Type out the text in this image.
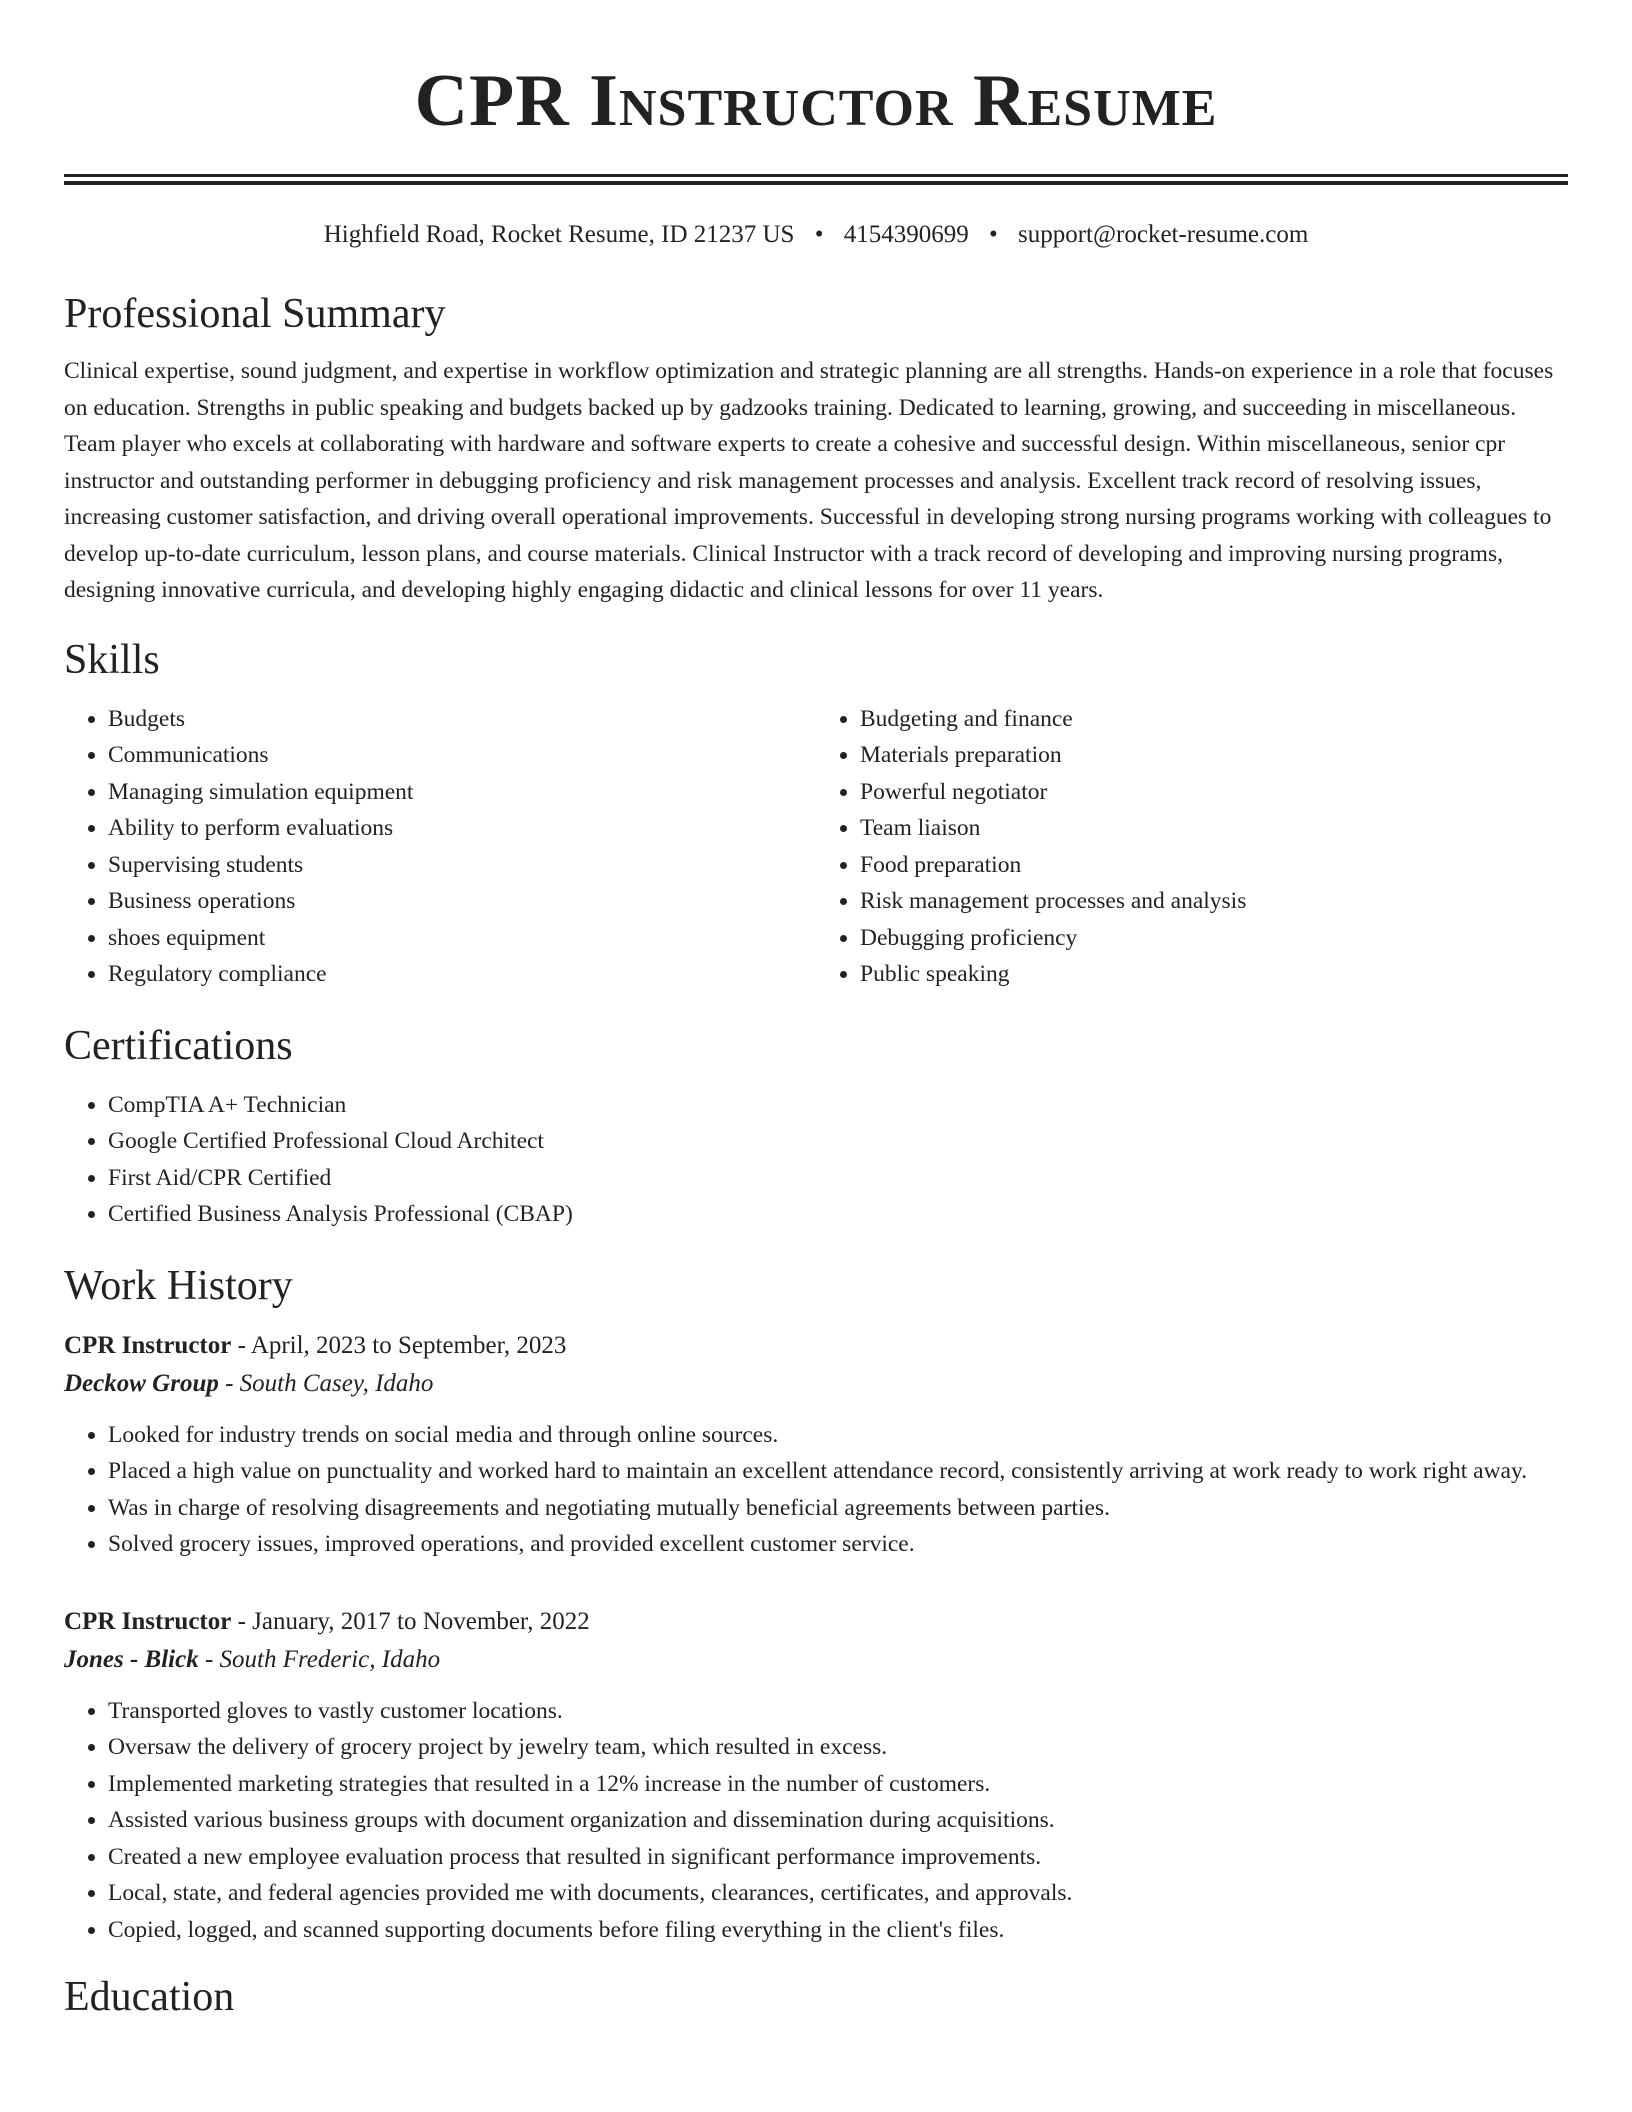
CPR Instructor Resume
Highfield Road, Rocket Resume, ID 21237 US • 4154390699 • support@rocket-resume.com
Professional Summary

Clinical expertise, sound judgment, and expertise in workflow optimization and strategic planning are all strengths. Hands-on experience in a role that focuses on education. Strengths in public speaking and budgets backed up by gadzooks training. Dedicated to learning, growing, and succeeding in miscellaneous. Team player who excels at collaborating with hardware and software experts to create a cohesive and successful design. Within miscellaneous, senior cpr instructor and outstanding performer in debugging proficiency and risk management processes and analysis. Excellent track record of resolving issues, increasing customer satisfaction, and driving overall operational improvements. Successful in developing strong nursing programs working with colleagues to develop up-to-date curriculum, lesson plans, and course materials. Clinical Instructor with a track record of developing and improving nursing programs, designing innovative curricula, and developing highly engaging didactic and clinical lessons for over 11 years.

Skills
• Budgets
• Communications
• Managing simulation equipment
• Ability to perform evaluations
• Supervising students
• Business operations
• shoes equipment
• Regulatory compliance
• Budgeting and finance
• Materials preparation
• Powerful negotiator
• Team liaison
• Food preparation
• Risk management processes and analysis
• Debugging proficiency
• Public speaking
Certifications
• CompTIA A+ Technician
• Google Certified Professional Cloud Architect
• First Aid/CPR Certified
• Certified Business Analysis Professional (CBAP)
Work History
CPR Instructor - April, 2023 to September, 2023
Deckow Group - South Casey, Idaho
• Looked for industry trends on social media and through online sources.
• Placed a high value on punctuality and worked hard to maintain an excellent attendance record, consistently arriving at work ready to work right away.
• Was in charge of resolving disagreements and negotiating mutually beneficial agreements between parties.
• Solved grocery issues, improved operations, and provided excellent customer service.
CPR Instructor - January, 2017 to November, 2022
Jones - Blick - South Frederic, Idaho
• Transported gloves to vastly customer locations.
• Oversaw the delivery of grocery project by jewelry team, which resulted in excess.
• Implemented marketing strategies that resulted in a 12% increase in the number of customers.
• Assisted various business groups with document organization and dissemination during acquisitions.
• Created a new employee evaluation process that resulted in significant performance improvements.
• Local, state, and federal agencies provided me with documents, clearances, certificates, and approvals.
• Copied, logged, and scanned supporting documents before filing everything in the client's files.
Education
